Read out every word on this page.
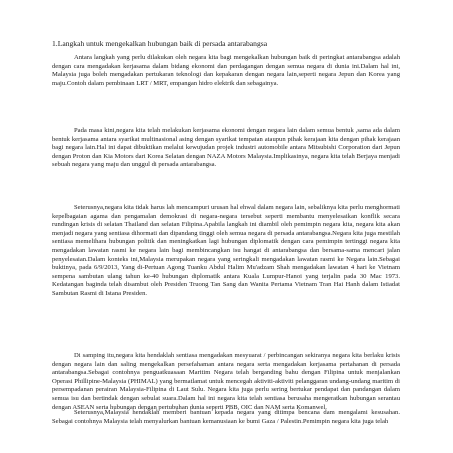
1.Langkah untuk mengekalkan hubungan baik di persada antarabangsa

Antara langkah yang perlu dilakukan oleh negara kita bagi mengekalkan hubungan baik di peringkat antarabangsa adalah dengan cara mengadakan kerjasama dalam bidang ekonomi dan perdagangan dengan semua negara di dunia ini.Dalam hal ini, Malaysia juga boleh mengadakan pertukaran teknologi dan kepakaran dengan negara lain,seperti negara Jepun dan Korea yang maju.Contoh dalam pembinaan LRT / MRT, empangan hidro elektrik dan sebagainya.

Pada masa kini,negara kita telah melakukan kerjasama ekonomi dengan negara lain dalam semua bentuk ,sama ada dalam bentuk kerjasama antara syarikat multinasional asing dengan syarikat tempatan ataupun pihak kerajaan kita dengan pihak kerajaan bagi negara lain.Hal ini dapat dibuktikan melalui kewujudan projek industri automobile antara Mitsubishi Corporation dari Jepun dengan Proton dan Kia Motors dari Korea Selatan dengan NAZA Motors Malaysia.Implikasinya, negara kita telah Berjaya menjadi sebuah negara yang maju dan unggul di persada antarabangsa.

Seterusnya,negara kita tidak harus lah mencampuri urusan hal ehwal dalam negara lain, sebaliknya kita perlu menghormati kepelbagaian agama dan pengamalan demokrasi di negara-negara tersebut seperti membantu menyelesaikan konflik secara rundingan krisis di selatan Thailand dan selatan Filipina.Apabila langkah ini diambil oleh pemimpin negara kita, negara kita akan menjadi negara yang sentiasa dihormati dan dipandang tinggi oleh semua negara di persada antarabangsa.Negara kita juga mestilah sentiasa memelihara hubungan politik dan meningkatkan lagi hubungan diplomatik dengan cara pemimpin tertinggi negara kita mengadakan lawatan rasmi ke negara lain bagi membincangkan isu hangat di antarabangsa dan bersama-sama mencari jalan penyelesaian.Dalam konteks ini,Malaysia merupakan negara yang seringkali mengadakan lawatan rasmi ke Negara lain.Sebagai buktinya, pada 6/9/2013, Yang di-Pertuan Agong Tuanku Abdul Halim Mu'adzam Shah mengadakan lawatan 4 hari ke Vietnam sempena sambutan ulang tahun ke-40 hubungan diplomatik antara Kuala Lumpur-Hanoi yang terjalin pada 30 Mac 1973. Kedatangan baginda telah disambut oleh Presiden Truong Tan Sang dan Wanita Pertama Vietnam Tran Hai Hanh dalam Istiadat Sambutan Rasmi di Istana Presiden.

Di samping itu,negara kita hendaklah sentiasa mengadakan mesyuarat / perbincangan sekiranya negara kita berlaku krisis dengan negara lain dan saling mengekalkan persefahaman antara negara serta mengadakan kerjasama pertahanan di persada antarabangsa.Sebagai contohnya penguatkuasaan Maritim Negara telah berganding bahu dengan Filipina untuk menjalankan Operasi Phillipine-Malaysia (PHIMAL) yang bermatlamat untuk mencegah aktiviti-aktiviti pelanggaran undang-undang maritim di persempadanan perairan Malaysia-Filipina di Laut Sulu. Negara kita juga perlu sering bertukar pendapat dan pandangan dalam semua isu dan bertindak dengan sebulat suara.Dalam hal ini negara kita telah sentiasa berusaha mengeratkan hubungan serantau dengan ASEAN serta hubungan dengan pertubuhan dunia seperti PBB, OIC dan NAM serta Komanwel.

Seterusnya,Malaysia hendaklah memberi bantuan kepada negara yang ditimpa bencana dam mengalami kesusahan. Sebagai contohnya Malaysia telah menyalurkan bantuan kemanusiaan ke bumi Gaza / Palestin.Pemimpin negara kita juga telah
